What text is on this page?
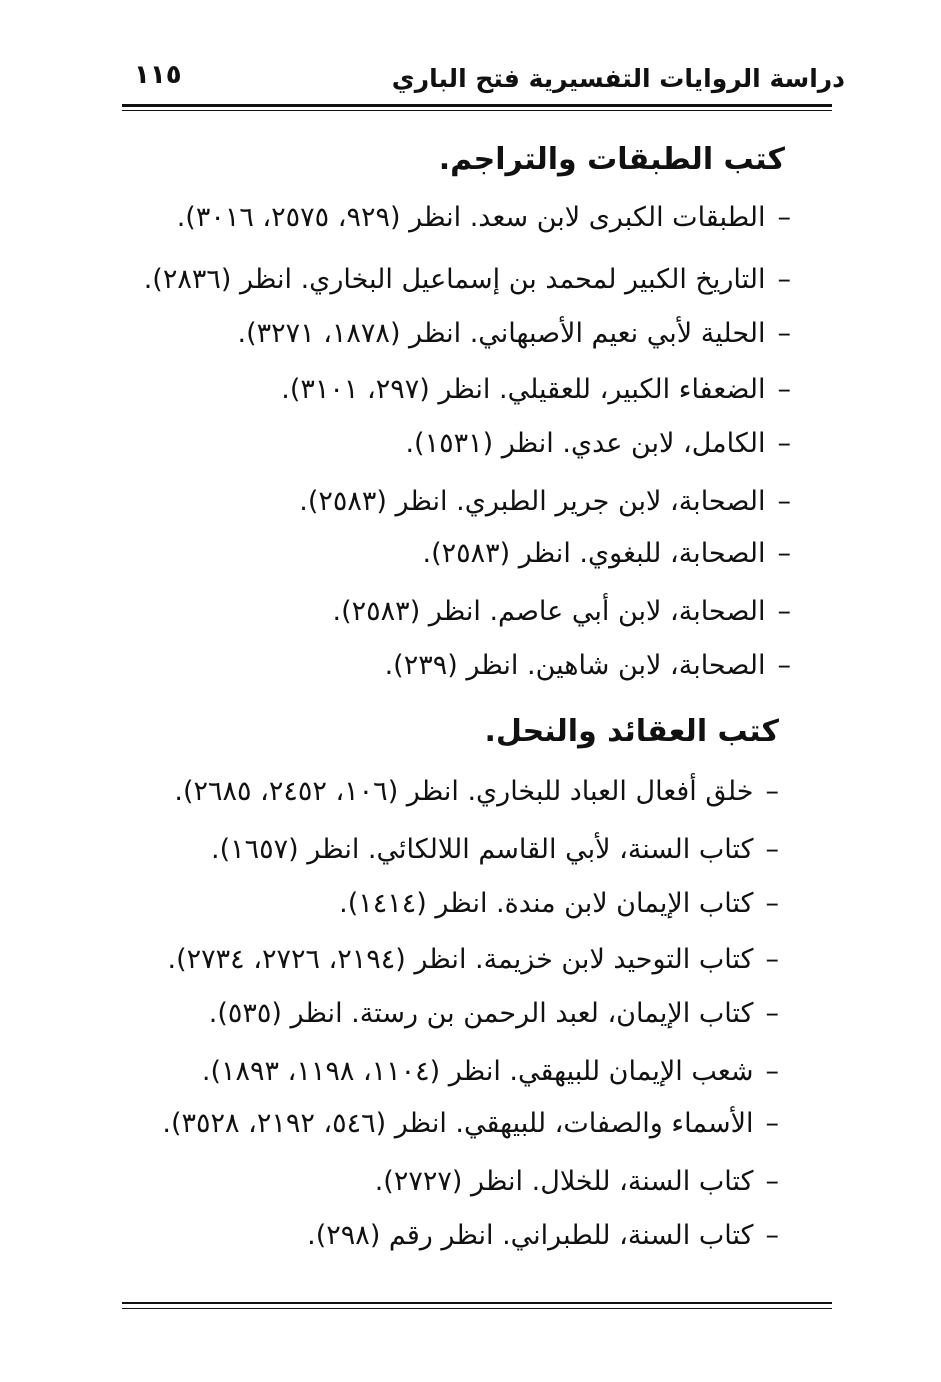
دراسة الروايات التفسيرية فتح الباري
١١٥
كتب الطبقات والتراجم.
–الطبقات الكبرى لابن سعد. انظر (٩٢٩، ٢٥٧٥، ٣٠١٦).
–التاريخ الكبير لمحمد بن إسماعيل البخاري. انظر (٢٨٣٦).
–الحلية لأبي نعيم الأصبهاني. انظر (١٨٧٨، ٣٢٧١).
–الضعفاء الكبير، للعقيلي. انظر (٢٩٧، ٣١٠١).
–الكامل، لابن عدي. انظر (١٥٣١).
–الصحابة، لابن جرير الطبري. انظر (٢٥٨٣).
–الصحابة، للبغوي. انظر (٢٥٨٣).
–الصحابة، لابن أبي عاصم. انظر (٢٥٨٣).
–الصحابة، لابن شاهين. انظر (٢٣٩).
كتب العقائد والنحل.
–خلق أفعال العباد للبخاري. انظر (١٠٦، ٢٤٥٢، ٢٦٨٥).
–كتاب السنة، لأبي القاسم اللالكائي. انظر (١٦٥٧).
–كتاب الإيمان لابن مندة. انظر (١٤١٤).
–كتاب التوحيد لابن خزيمة. انظر (٢١٩٤، ٢٧٢٦، ٢٧٣٤).
–كتاب الإيمان، لعبد الرحمن بن رستة. انظر (٥٣٥).
–شعب الإيمان للبيهقي. انظر (١١٠٤، ١١٩٨، ١٨٩٣).
–الأسماء والصفات، للبيهقي. انظر (٥٤٦، ٢١٩٢، ٣٥٢٨).
–كتاب السنة، للخلال. انظر (٢٧٢٧).
–كتاب السنة، للطبراني. انظر رقم (٢٩٨).
